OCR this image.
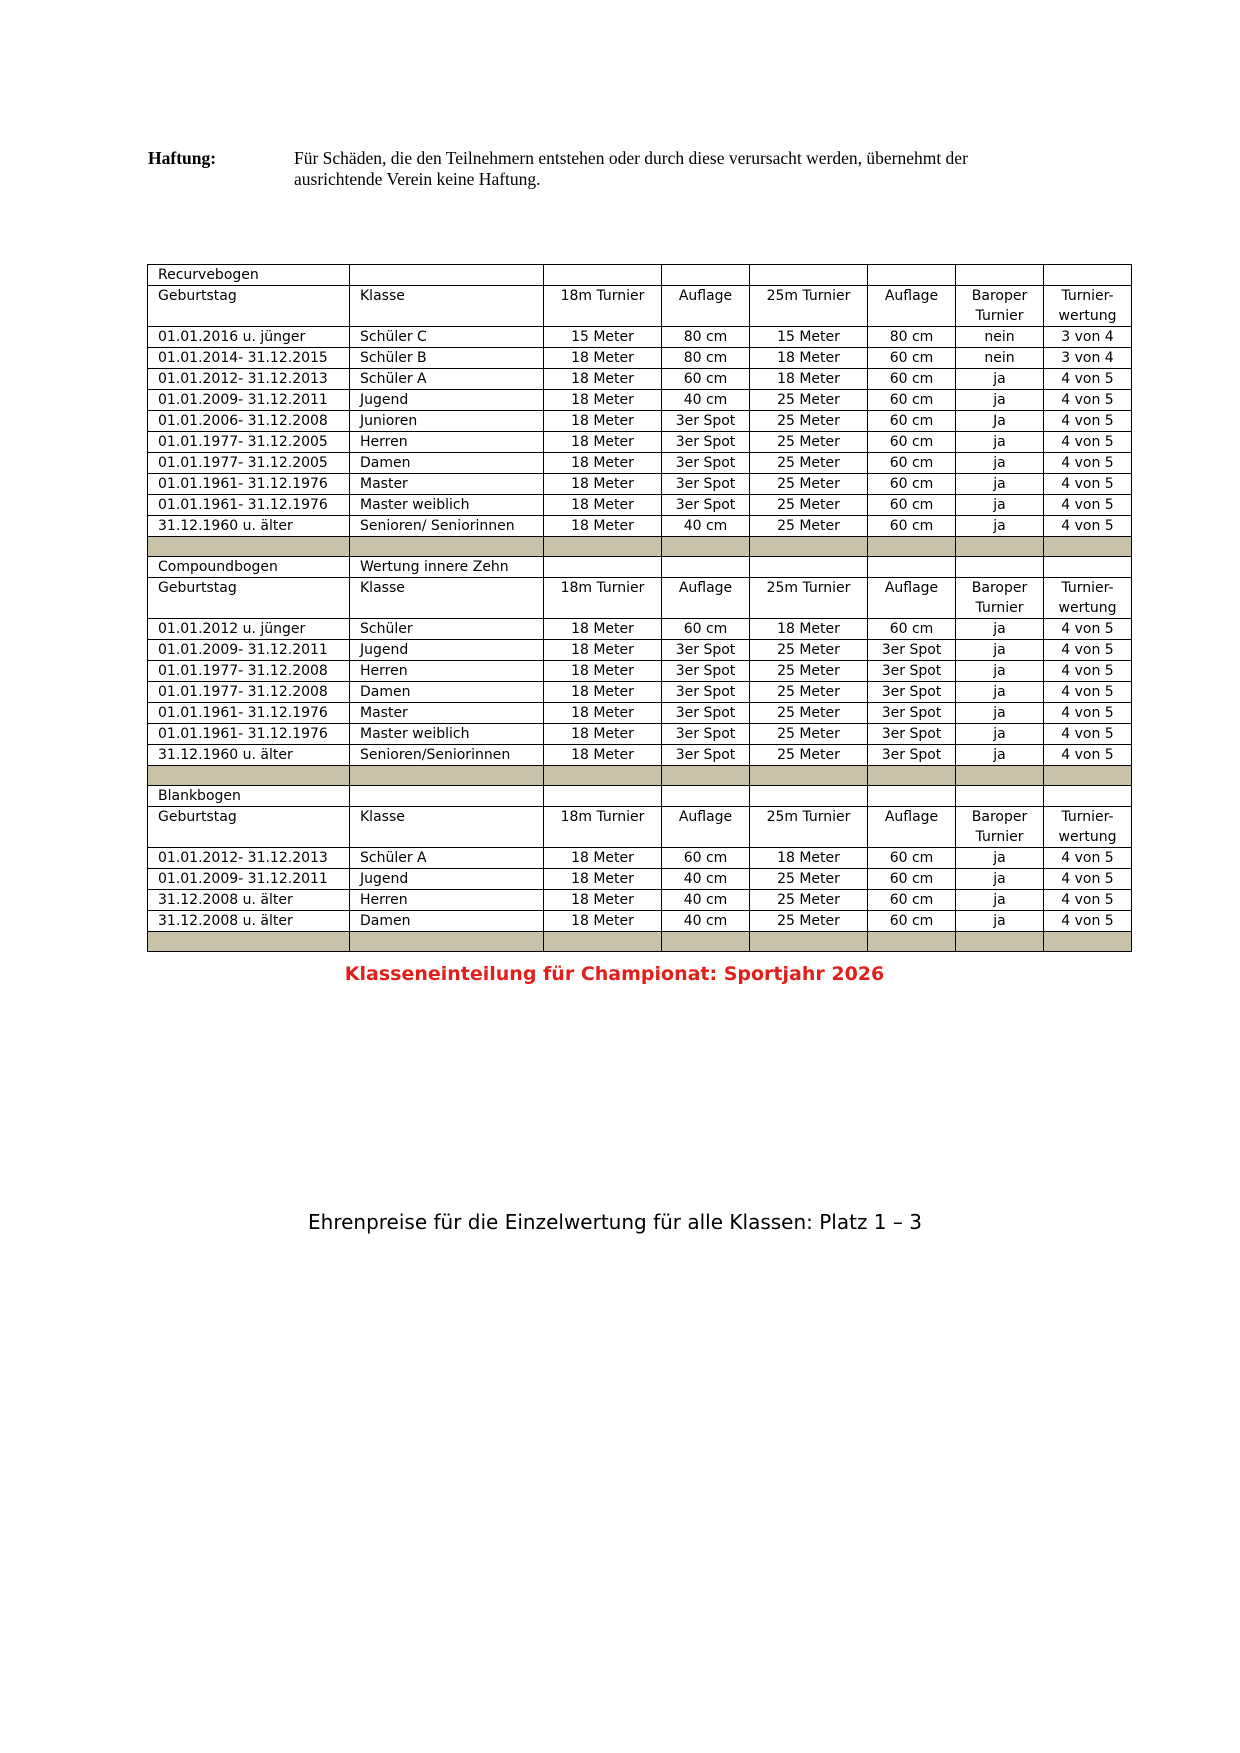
Haftung:	Für Schäden, die den Teilnehmern entstehen oder durch diese verursacht werden, übernehmt der ausrichtende Verein keine Haftung.
Recurvebogen							
Geburtstag	Klasse	18m Turnier	Auflage	25m Turnier	Auflage	Baroper Turnier	Turnier-wertung
01.01.2016 u. jünger	Schüler C	15 Meter	80 cm	15 Meter	80 cm	nein	3 von 4
01.01.2014- 31.12.2015	Schüler B	18 Meter	80 cm	18 Meter	60 cm	nein	3 von 4
01.01.2012- 31.12.2013	Schüler A	18 Meter	60 cm	18 Meter	60 cm	ja	4 von 5
01.01.2009- 31.12.2011	Jugend	18 Meter	40 cm	25 Meter	60 cm	ja	4 von 5
01.01.2006- 31.12.2008	Junioren	18 Meter	3er Spot	25 Meter	60 cm	Ja	4 von 5
01.01.1977- 31.12.2005	Herren	18 Meter	3er Spot	25 Meter	60 cm	ja	4 von 5
01.01.1977- 31.12.2005	Damen	18 Meter	3er Spot	25 Meter	60 cm	ja	4 von 5
01.01.1961- 31.12.1976	Master	18 Meter	3er Spot	25 Meter	60 cm	ja	4 von 5
01.01.1961- 31.12.1976	Master weiblich	18 Meter	3er Spot	25 Meter	60 cm	ja	4 von 5
31.12.1960 u. älter	Senioren/ Seniorinnen	18 Meter	40 cm	25 Meter	60 cm	ja	4 von 5

Compoundbogen	Wertung innere Zehn						
Geburtstag	Klasse	18m Turnier	Auflage	25m Turnier	Auflage	Baroper Turnier	Turnier-wertung
01.01.2012 u. jünger	Schüler	18 Meter	60 cm	18 Meter	60 cm	ja	4 von 5
01.01.2009- 31.12.2011	Jugend	18 Meter	3er Spot	25 Meter	3er Spot	ja	4 von 5
01.01.1977- 31.12.2008	Herren	18 Meter	3er Spot	25 Meter	3er Spot	ja	4 von 5
01.01.1977- 31.12.2008	Damen	18 Meter	3er Spot	25 Meter	3er Spot	ja	4 von 5
01.01.1961- 31.12.1976	Master	18 Meter	3er Spot	25 Meter	3er Spot	ja	4 von 5
01.01.1961- 31.12.1976	Master weiblich	18 Meter	3er Spot	25 Meter	3er Spot	ja	4 von 5
31.12.1960 u. älter	Senioren/Seniorinnen	18 Meter	3er Spot	25 Meter	3er Spot	ja	4 von 5

Blankbogen							
Geburtstag	Klasse	18m Turnier	Auflage	25m Turnier	Auflage	Baroper Turnier	Turnier-wertung
01.01.2012- 31.12.2013	Schüler A	18 Meter	60 cm	18 Meter	60 cm	ja	4 von 5
01.01.2009- 31.12.2011	Jugend	18 Meter	40 cm	25 Meter	60 cm	ja	4 von 5
31.12.2008 u. älter	Herren	18 Meter	40 cm	25 Meter	60 cm	ja	4 von 5
31.12.2008 u. älter	Damen	18 Meter	40 cm	25 Meter	60 cm	ja	4 von 5

Klasseneinteilung für Championat: Sportjahr 2026
Ehrenpreise für die Einzelwertung für alle Klassen: Platz 1 – 3
